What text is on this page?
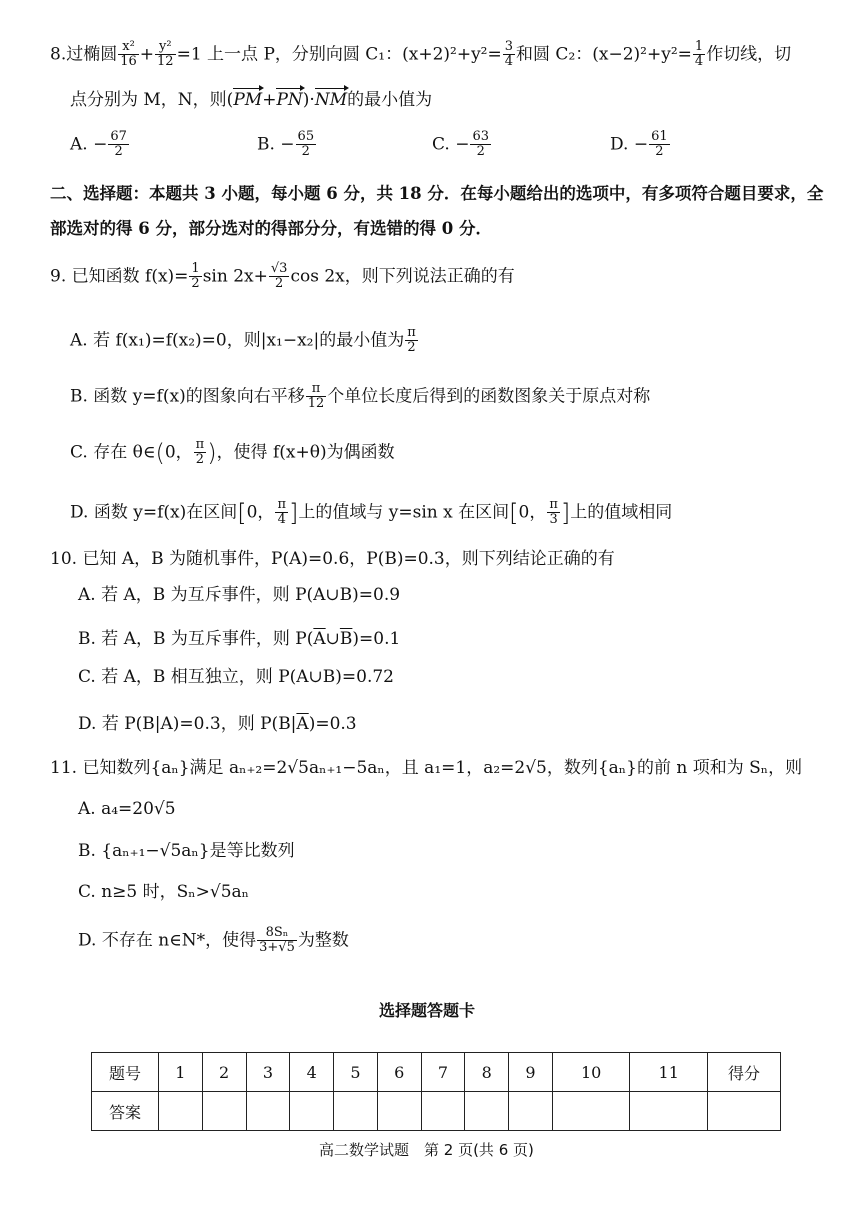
8.过椭圆 $\frac{\text{x²}}{16} + \frac{\text{y²}}{12} =1$ 上一点 P，分别向圆 C₁：$(x+2)^2+y^2= \frac{3}{4}$ 和圆 C₂：$(x-2)^2+y^2= \frac{1}{4}$ 作切线，切
点分别为 M，N，则(PM+PN)·NM的最小值为
A. − $\frac{67}{2}$	B. − $\frac{65}{2}$	C. − $\frac{63}{2}$	D. − $\frac{61}{2}$
二、选择题：本题共 3 小题，每小题 6 分，共 18 分．在每小题给出的选项中，有多项符合题目要求，全
部选对的得 6 分，部分选对的得部分分，有选错的得 0 分．
9. 已知函数 $f(x)= \frac{1}{2}$ $\sin 2x+ \frac{√3}{2}$ cos 2x，则下列说法正确的有
A. 若 f(x₁)=f(x₂)=0，则|x₁−x₂|的最小值为 $\frac{\pi}{2}$
B. 函数 y=f(x)的图象向右平移 $\frac{\pi}{12}$ 个单位长度后得到的函数图象关于原点对称
C. 存在 θ∈(0， $\frac{\pi}{2}$ )，使得 f(x+θ)为偶函数
D. 函数 y=f(x)在区间[0， $\frac{\pi}{4}$ ]上的值域与 y=sin x 在区间[0， $\frac{\pi}{3}$ ]上的值域相同
10. 已知 A，B 为随机事件，P(A)=0.6，P(B)=0.3，则下列结论正确的有
A. 若 A，B 为互斥事件，则 P(A∪B)=0.9
B. 若 A，B 为互斥事件，则 $P(\overline{A}\cup\overline{B})=0.1$
C. 若 A，B 相互独立，则 P(A∪B)=0.72
D. 若 P(B|A)=0.3，则 $P(B|\overline{A})=0.3$
11. 已知数列{aₙ}满足 aₙ₊₂=2√5aₙ₊₁−5aₙ，且 a₁=1，a₂=2√5，数列{aₙ}的前 n 项和为 Sₙ，则
A. a₄=20√5
B. {aₙ₊₁−√5aₙ}是等比数列
C. n≥5 时，Sₙ>√5aₙ
D. 不存在 n∈N*，使得 $\frac{\text{8Sₙ}}{3+√5}$ 为整数
选择题答题卡
题号	1	2	3	4	5	6	7	8	9	10	11	得分
答案												
高二数学试题　第 2 页(共 6 页)
